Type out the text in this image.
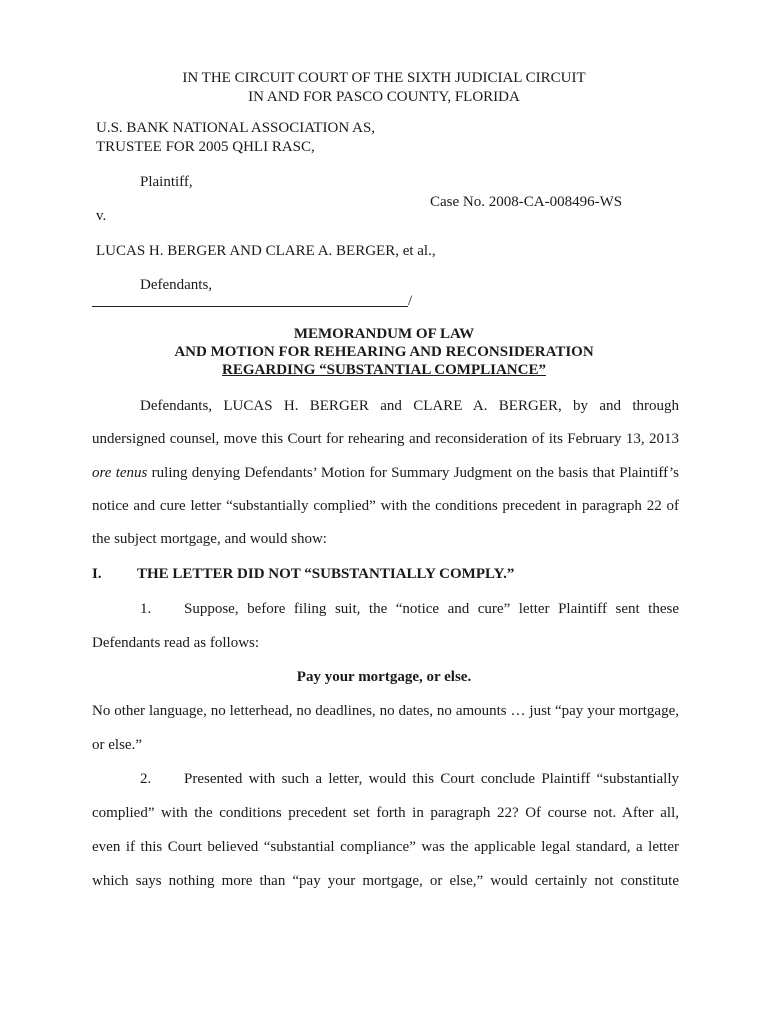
IN THE CIRCUIT COURT OF THE SIXTH JUDICIAL CIRCUIT

IN AND FOR PASCO COUNTY, FLORIDA

U.S. BANK NATIONAL ASSOCIATION AS,

TRUSTEE FOR 2005 QHLI RASC,

Plaintiff,

Case No. 2008-CA-008496-WS

v.

LUCAS H. BERGER AND CLARE A. BERGER, et al.,

Defendants,

/

MEMORANDUM OF LAW

AND MOTION FOR REHEARING AND RECONSIDERATION

REGARDING “SUBSTANTIAL COMPLIANCE”

Defendants, LUCAS H. BERGER and CLARE A. BERGER, by and through

undersigned counsel, move this Court for rehearing and reconsideration of its February 13, 2013

ore tenus ruling denying Defendants’ Motion for Summary Judgment on the basis that Plaintiff’s

notice and cure letter “substantially complied” with the conditions precedent in paragraph 22 of

the subject mortgage, and would show:

I. THE LETTER DID NOT “SUBSTANTIALLY COMPLY.”

1. Suppose, before filing suit, the “notice and cure” letter Plaintiff sent these

Defendants read as follows:

Pay your mortgage, or else.

No other language, no letterhead, no deadlines, no dates, no amounts … just “pay your mortgage,

or else.”

2. Presented with such a letter, would this Court conclude Plaintiff “substantially

complied” with the conditions precedent set forth in paragraph 22? Of course not. After all,

even if this Court believed “substantial compliance” was the applicable legal standard, a letter

which says nothing more than “pay your mortgage, or else,” would certainly not constitute
